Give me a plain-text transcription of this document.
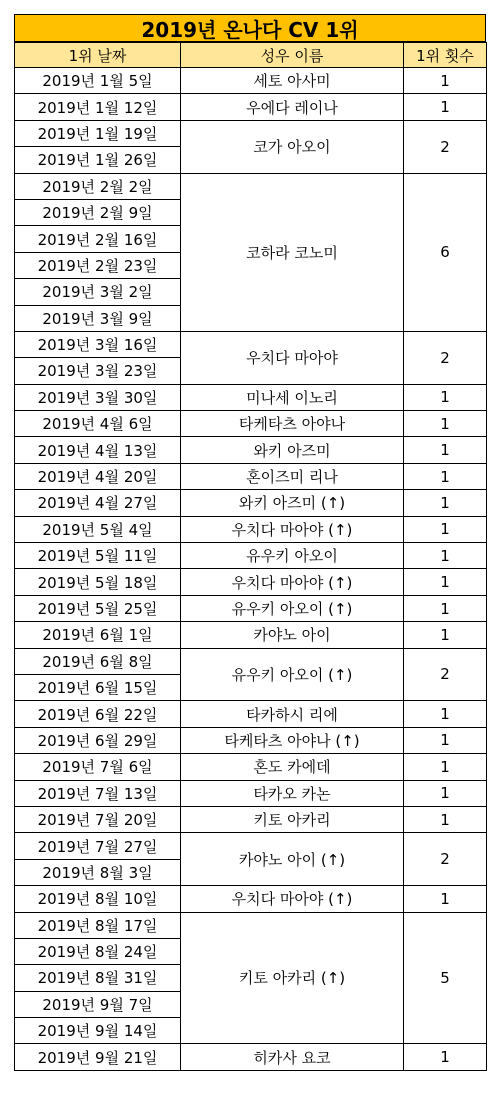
2019년 온나다 CV 1위
1위 날짜	성우 이름	1위 횟수
2019년 1월 5일	세토 아사미	1
2019년 1월 12일	우에다 레이나	1
2019년 1월 19일	코가 아오이	2
2019년 1월 26일		
2019년 2월 2일	코하라 코노미	6
2019년 2월 9일		
2019년 2월 16일		
2019년 2월 23일		
2019년 3월 2일		
2019년 3월 9일		
2019년 3월 16일	우치다 마아야	2
2019년 3월 23일		
2019년 3월 30일	미나세 이노리	1
2019년 4월 6일	타케타츠 아야나	1
2019년 4월 13일	와키 아즈미	1
2019년 4월 20일	혼이즈미 리나	1
2019년 4월 27일	와키 아즈미 (↑)	1
2019년 5월 4일	우치다 마아야 (↑)	1
2019년 5월 11일	유우키 아오이	1
2019년 5월 18일	우치다 마아야 (↑)	1
2019년 5월 25일	유우키 아오이 (↑)	1
2019년 6월 1일	카야노 아이	1
2019년 6월 8일	유우키 아오이 (↑)	2
2019년 6월 15일		
2019년 6월 22일	타카하시 리에	1
2019년 6월 29일	타케타츠 아야나 (↑)	1
2019년 7월 6일	혼도 카에데	1
2019년 7월 13일	타카오 카논	1
2019년 7월 20일	키토 아카리	1
2019년 7월 27일	카야노 아이 (↑)	2
2019년 8월 3일		
2019년 8월 10일	우치다 마아야 (↑)	1
2019년 8월 17일	키토 아카리 (↑)	5
2019년 8월 24일		
2019년 8월 31일		
2019년 9월 7일		
2019년 9월 14일		
2019년 9월 21일	히카사 요코	1
